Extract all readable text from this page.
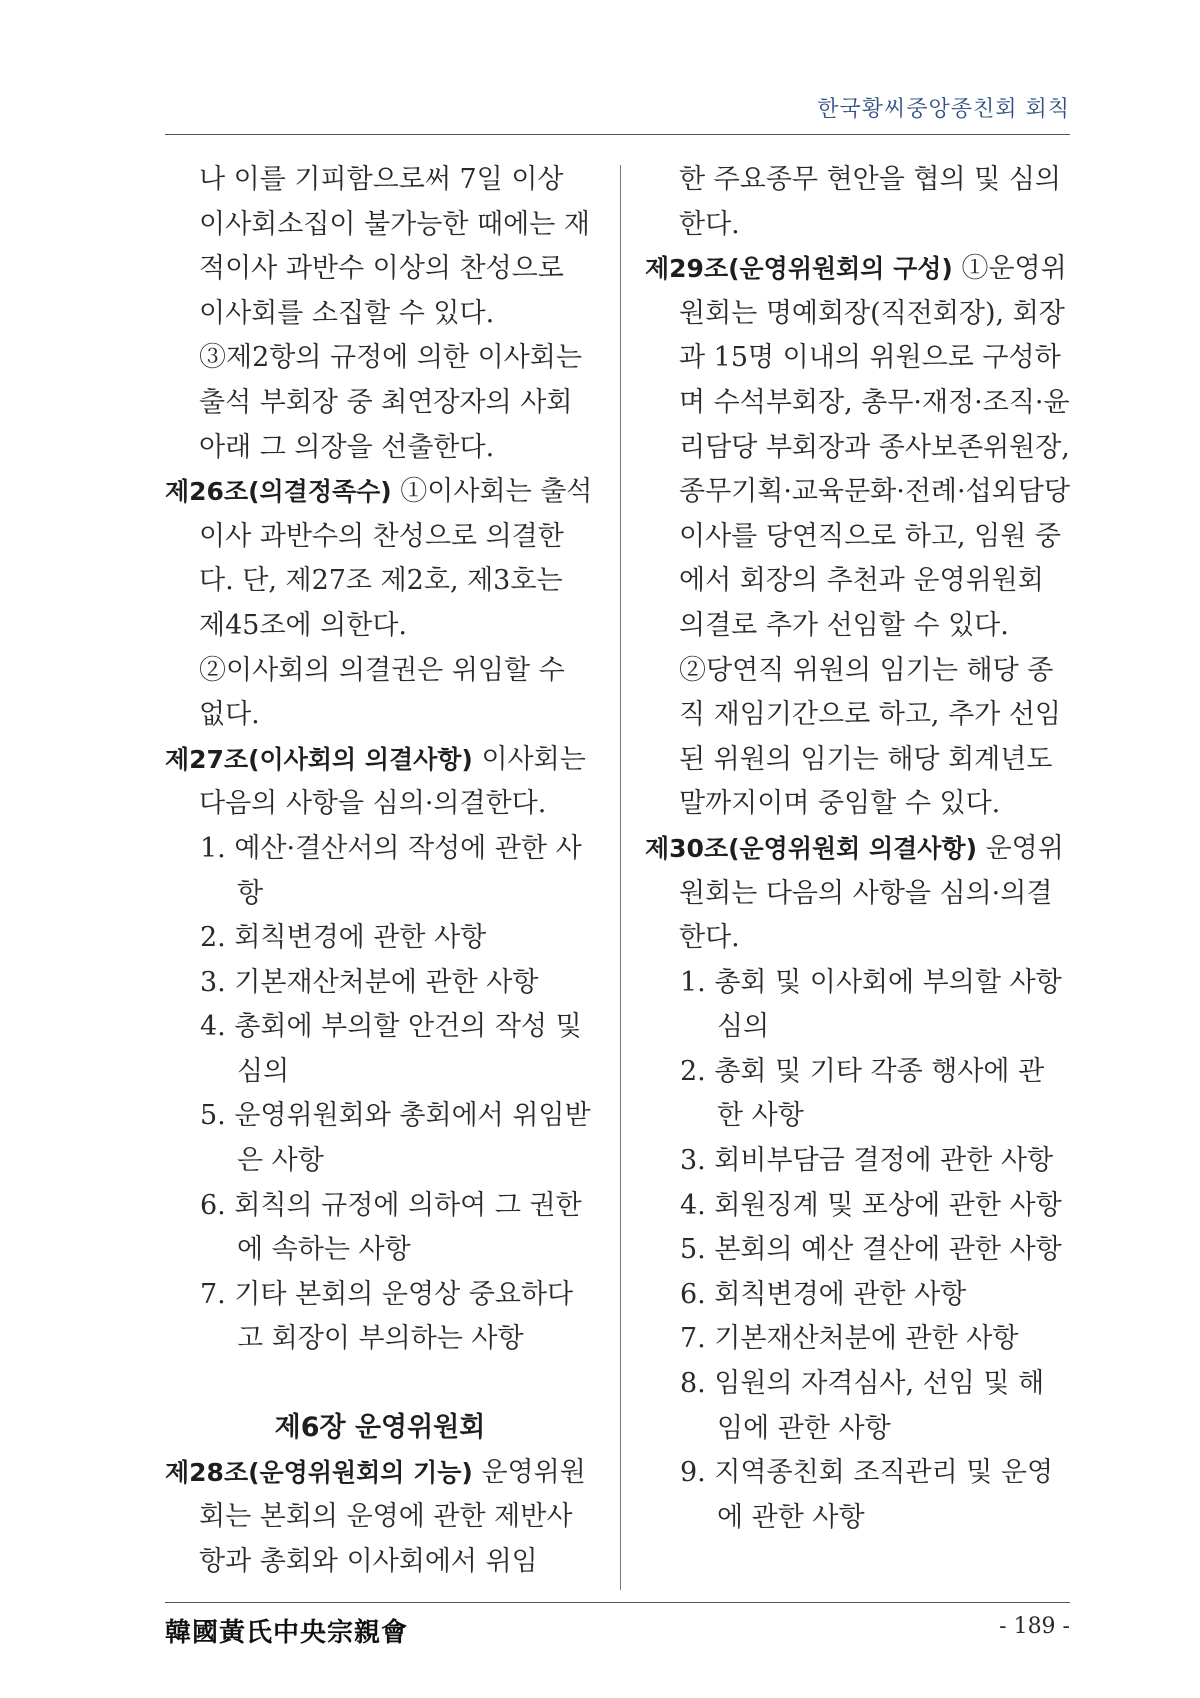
한국황씨중앙종친회 회칙

나 이를 기피함으로써 7일 이상 이사회소집이 불가능한 때에는 재적이사 과반수 이상의 찬성으로 이사회를 소집할 수 있다.

③제2항의 규정에 의한 이사회는 출석 부회장 중 최연장자의 사회아래 그 의장을 선출한다.

제26조(의결정족수) ①이사회는 출석이사 과반수의 찬성으로 의결한다. 단, 제27조 제2호, 제3호는 제45조에 의한다.

②이사회의 의결권은 위임할 수 없다.

제27조(이사회의 의결사항) 이사회는 다음의 사항을 심의·의결한다.

1. 예산·결산서의 작성에 관한 사항

2. 회칙변경에 관한 사항

3. 기본재산처분에 관한 사항

4. 총회에 부의할 안건의 작성 및 심의

5. 운영위원회와 총회에서 위임받은 사항

6. 회칙의 규정에 의하여 그 권한에 속하는 사항

7. 기타 본회의 운영상 중요하다고 회장이 부의하는 사항

제6장 운영위원회

제28조(운영위원회의 기능) 운영위원회는 본회의 운영에 관한 제반사항과 총회와 이사회에서 위임

한 주요종무 현안을 협의 및 심의한다.

제29조(운영위원회의 구성) ①운영위원회는 명예회장(직전회장), 회장과 15명 이내의 위원으로 구성하며 수석부회장, 총무·재정·조직·윤리담당 부회장과 종사보존위원장, 종무기획·교육문화·전례·섭외담당 이사를 당연직으로 하고, 임원 중에서 회장의 추천과 운영위원회 의결로 추가 선임할 수 있다.

②당연직 위원의 임기는 해당 종직 재임기간으로 하고, 추가 선임된 위원의 임기는 해당 회계년도 말까지이며 중임할 수 있다.

제30조(운영위원회 의결사항) 운영위원회는 다음의 사항을 심의·의결한다.

1. 총회 및 이사회에 부의할 사항 심의

2. 총회 및 기타 각종 행사에 관한 사항

3. 회비부담금 결정에 관한 사항

4. 회원징계 및 포상에 관한 사항

5. 본회의 예산 결산에 관한 사항

6. 회칙변경에 관한 사항

7. 기본재산처분에 관한 사항

8. 임원의 자격심사, 선임 및 해임에 관한 사항

9. 지역종친회 조직관리 및 운영에 관한 사항

韓國黃氏中央宗親會	- 189 -
